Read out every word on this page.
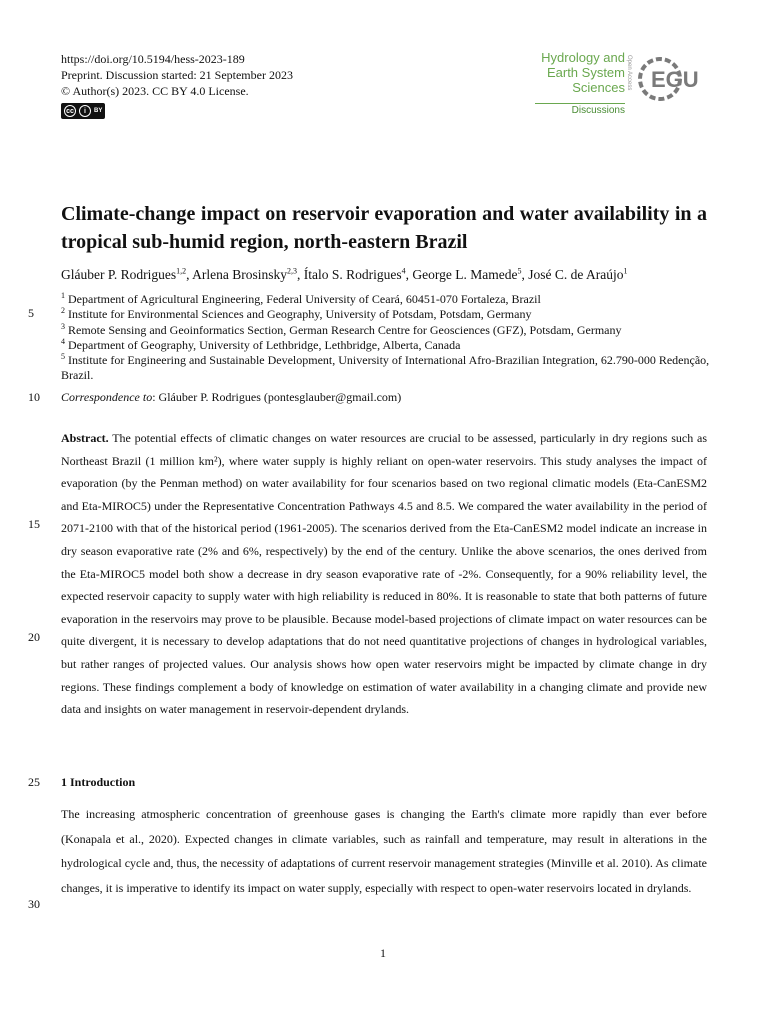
https://doi.org/10.5194/hess-2023-189
Preprint. Discussion started: 21 September 2023
© Author(s) 2023. CC BY 4.0 License.
cc	i	BY
Hydrology and
Earth System
Sciences
Discussions
Open Access EGU
Climate-change impact on reservoir evaporation and water availability in a tropical sub-humid region, north-eastern Brazil
Gláuber P. Rodrigues$^{1,2}$, Arlena Brosinsky$^{2,3}$, Ítalo S. Rodrigues$^4$, George L. Mamede$^5$, José C. de Araújo$^1$
$^1$ Department of Agricultural Engineering, Federal University of Ceará, 60451-070 Fortaleza, Brazil
$^2$ Institute for Environmental Sciences and Geography, University of Potsdam, Potsdam, Germany
$^3$ Remote Sensing and Geoinformatics Section, German Research Centre for Geosciences (GFZ), Potsdam, Germany
$^4$ Department of Geography, University of Lethbridge, Lethbridge, Alberta, Canada
$^5$ Institute for Engineering and Sustainable Development, University of International Afro-Brazilian Integration, 62.790-000 Redenção, Brazil.
5
10
15
20
25
30
Correspondence to: Gláuber P. Rodrigues (pontesglauber@gmail.com)
Abstract. The potential effects of climatic changes on water resources are crucial to be assessed, particularly in dry regions such as Northeast Brazil (1 million km²), where water supply is highly reliant on open-water reservoirs. This study analyses the impact of evaporation (by the Penman method) on water availability for four scenarios based on two regional climatic models (Eta-CanESM2 and Eta-MIROC5) under the Representative Concentration Pathways 4.5 and 8.5. We compared the water availability in the period of 2071-2100 with that of the historical period (1961-2005). The scenarios derived from the Eta-CanESM2 model indicate an increase in dry season evaporative rate (2% and 6%, respectively) by the end of the century. Unlike the above scenarios, the ones derived from the Eta-MIROC5 model both show a decrease in dry season evaporative rate of -2%. Consequently, for a 90% reliability level, the expected reservoir capacity to supply water with high reliability is reduced in 80%. It is reasonable to state that both patterns of future evaporation in the reservoirs may prove to be plausible. Because model-based projections of climate impact on water resources can be quite divergent, it is necessary to develop adaptations that do not need quantitative projections of changes in hydrological variables, but rather ranges of projected values. Our analysis shows how open water reservoirs might be impacted by climate change in dry regions. These findings complement a body of knowledge on estimation of water availability in a changing climate and provide new data and insights on water management in reservoir-dependent drylands.
1 Introduction
The increasing atmospheric concentration of greenhouse gases is changing the Earth's climate more rapidly than ever before (Konapala et al., 2020). Expected changes in climate variables, such as rainfall and temperature, may result in alterations in the hydrological cycle and, thus, the necessity of adaptations of current reservoir management strategies (Minville et al. 2010). As climate changes, it is imperative to identify its impact on water supply, especially with respect to open-water reservoirs located in drylands.
1
